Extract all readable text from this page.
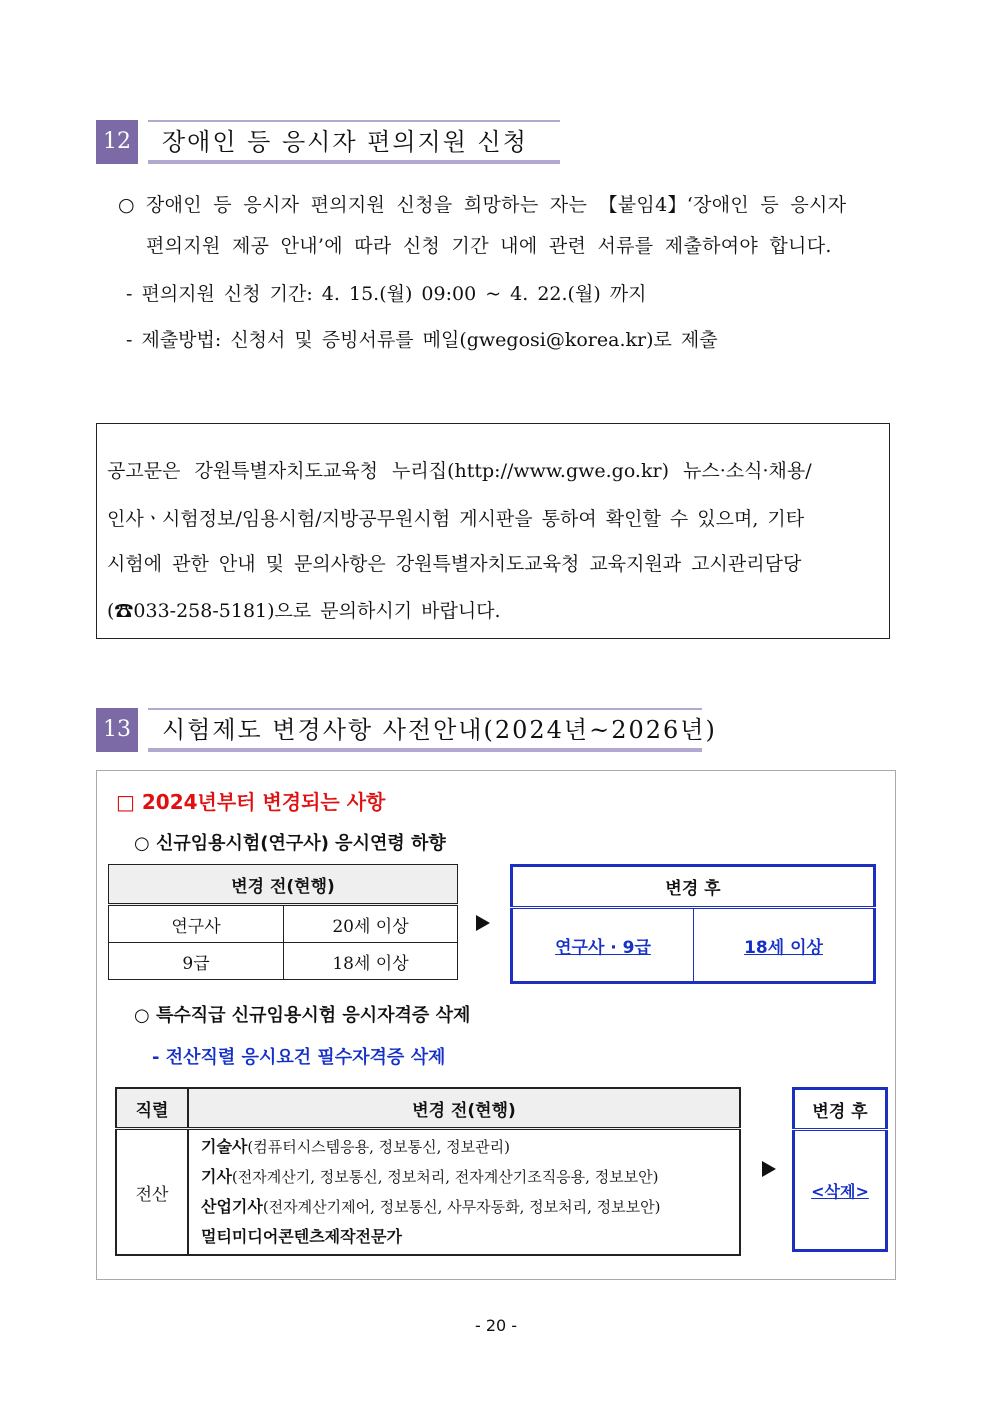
12 장애인 등 응시자 편의지원 신청
○ 장애인 등 응시자 편의지원 신청을 희망하는 자는 【붙임4】‘장애인 등 응시자
편의지원 제공 안내’에 따라 신청 기간 내에 관련 서류를 제출하여야 합니다.
- 편의지원 신청 기간: 4. 15.(월) 09:00 ~ 4. 22.(월) 까지
- 제출방법: 신청서 및 증빙서류를 메일(gwegosi@korea.kr)로 제출
공고문은 강원특별자치도교육청 누리집(http://www.gwe.go.kr) 뉴스·소식·채용/
인사ㆍ시험정보/임용시험/지방공무원시험 게시판을 통하여 확인할 수 있으며, 기타
시험에 관한 안내 및 문의사항은 강원특별자치도교육청 교육지원과 고시관리담당
(☎033-258-5181)으로 문의하시기 바랍니다.
13 시험제도 변경사항 사전안내(2024년~2026년)
□ 2024년부터 변경되는 사항
○ 신규임용시험(연구사) 응시연령 하향
변경 전(현행)	
연구사	20세 이상
9급	18세 이상
변경 후
연구사 · 9급	18세 이상
○ 특수직급 신규임용시험 응시자격증 삭제
- 전산직렬 응시요건 필수자격증 삭제
직렬	변경 전(현행)
전산	기술사(컴퓨터시스템응용, 정보통신, 정보관리)
기사(전자계산기, 정보통신, 정보처리, 전자계산기조직응용, 정보보안)
산업기사(전자계산기제어, 정보통신, 사무자동화, 정보처리, 정보보안)
멀티미디어콘텐츠제작전문가
변경 후
<삭제>
- 20 -
